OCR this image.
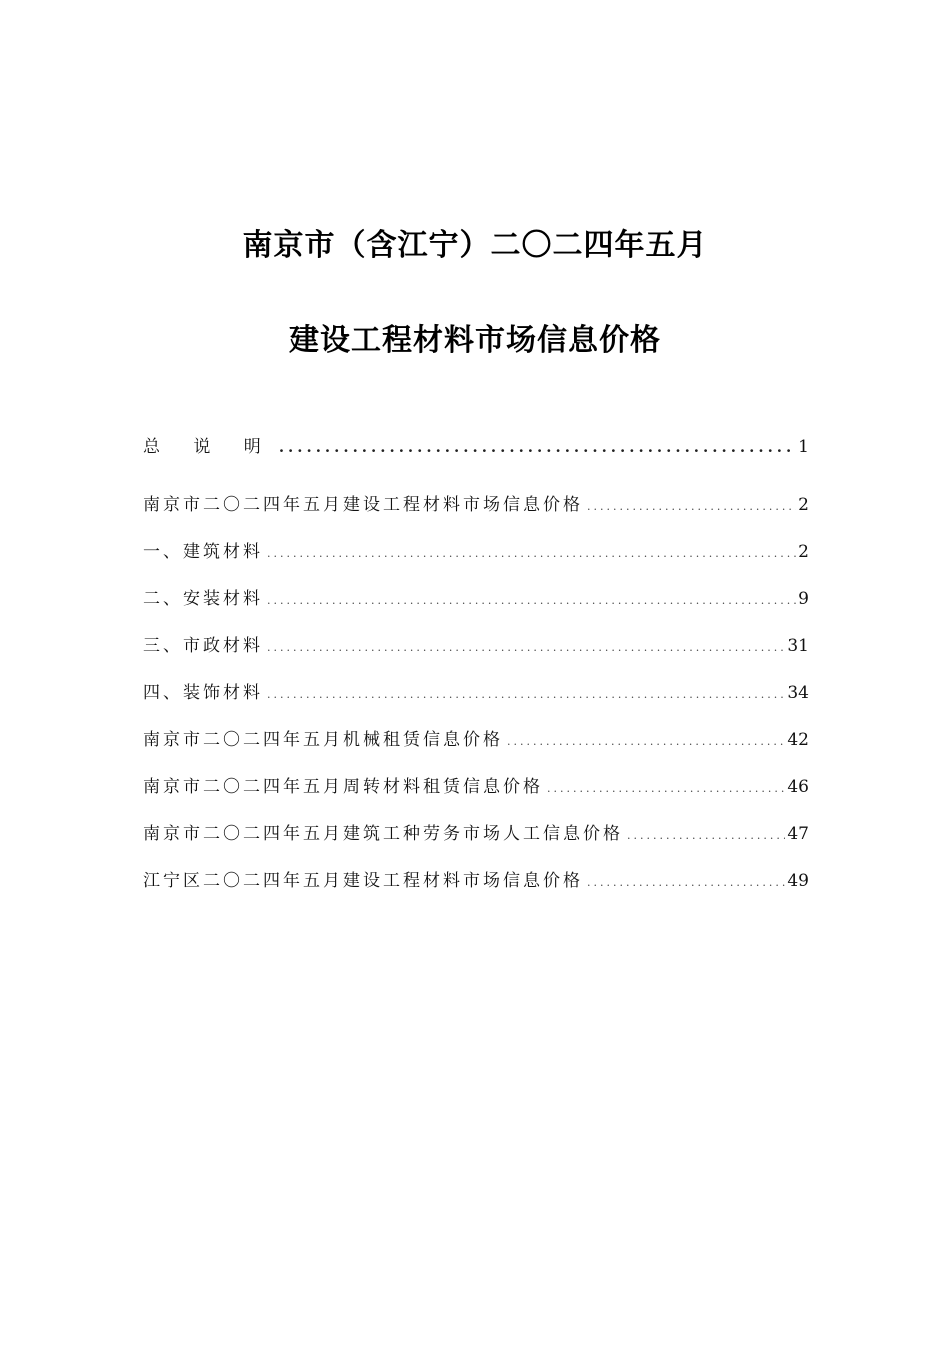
南京市（含江宁）二〇二四年五月
建设工程材料市场信息价格
总 说 明 .....	1
南京市二〇二四年五月建设工程材料市场信息价格 .....	2
一、建筑材料 .....	2
二、安装材料 .....	9
三、市政材料 .....	31
四、装饰材料 .....	34
南京市二〇二四年五月机械租赁信息价格 .....	42
南京市二〇二四年五月周转材料租赁信息价格 .....	46
南京市二〇二四年五月建筑工种劳务市场人工信息价格 .....	47
江宁区二〇二四年五月建设工程材料市场信息价格 .....	49
